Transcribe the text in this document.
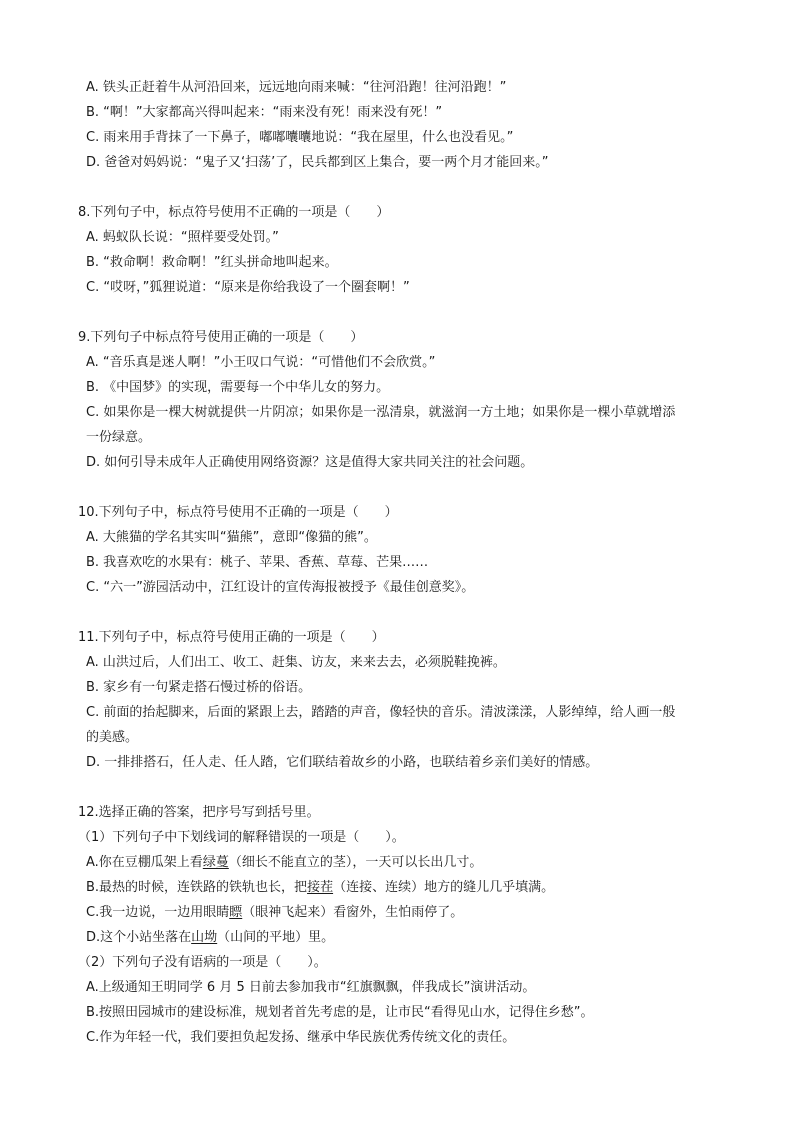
A. 铁头正赶着牛从河沿回来，远远地向雨来喊：“往河沿跑！往河沿跑！”
B. “啊！”大家都高兴得叫起来：“雨来没有死！雨来没有死！”
C. 雨来用手背抹了一下鼻子，嘟嘟囔囔地说：“我在屋里，什么也没看见。”
D. 爸爸对妈妈说：“鬼子又‘扫荡’了，民兵都到区上集合，要一两个月才能回来。”
8.下列句子中，标点符号使用不正确的一项是（　　）
A. 蚂蚁队长说：“照样要受处罚。”
B. “救命啊！救命啊！”红头拼命地叫起来。
C. “哎呀，”狐狸说道：“原来是你给我设了一个圈套啊！”
9.下列句子中标点符号使用正确的一项是（　　）
A. “音乐真是迷人啊！”小王叹口气说：“可惜他们不会欣赏。”
B. 《中国梦》的实现，需要每一个中华儿女的努力。
C. 如果你是一棵大树就提供一片阴凉；如果你是一泓清泉，就滋润一方土地；如果你是一棵小草就增添
一份绿意。
D. 如何引导未成年人正确使用网络资源？这是值得大家共同关注的社会问题。
10.下列句子中，标点符号使用不正确的一项是（　　）
A. 大熊猫的学名其实叫“猫熊”，意即“像猫的熊”。
B. 我喜欢吃的水果有：桃子、苹果、香蕉、草莓、芒果……
C. “六一”游园活动中，江红设计的宣传海报被授予《最佳创意奖》。
11.下列句子中，标点符号使用正确的一项是（　　）
A. 山洪过后，人们出工、收工、赶集、访友，来来去去，必须脱鞋挽裤。
B. 家乡有一句紧走搭石慢过桥的俗语。
C. 前面的抬起脚来，后面的紧跟上去，踏踏的声音，像轻快的音乐。清波漾漾，人影绰绰，给人画一般
的美感。
D. 一排排搭石，任人走、任人踏，它们联结着故乡的小路，也联结着乡亲们美好的情感。
12.选择正确的答案，把序号写到括号里。
（1）下列句子中下划线词的解释错误的一项是（　　）。
A.你在豆棚瓜架上看绿蔓（细长不能直立的茎），一天可以长出几寸。
B.最热的时候，连铁路的铁轨也长，把接茬（连接、连续）地方的缝儿几乎填满。
C.我一边说，一边用眼睛瞟（眼神飞起来）看窗外，生怕雨停了。
D.这个小站坐落在山坳（山间的平地）里。
（2）下列句子没有语病的一项是（　　）。
A.上级通知王明同学 6 月 5 日前去参加我市“红旗飘飘，伴我成长”演讲活动。
B.按照田园城市的建设标准，规划者首先考虑的是，让市民“看得见山水，记得住乡愁”。
C.作为年轻一代，我们要担负起发扬、继承中华民族优秀传统文化的责任。
